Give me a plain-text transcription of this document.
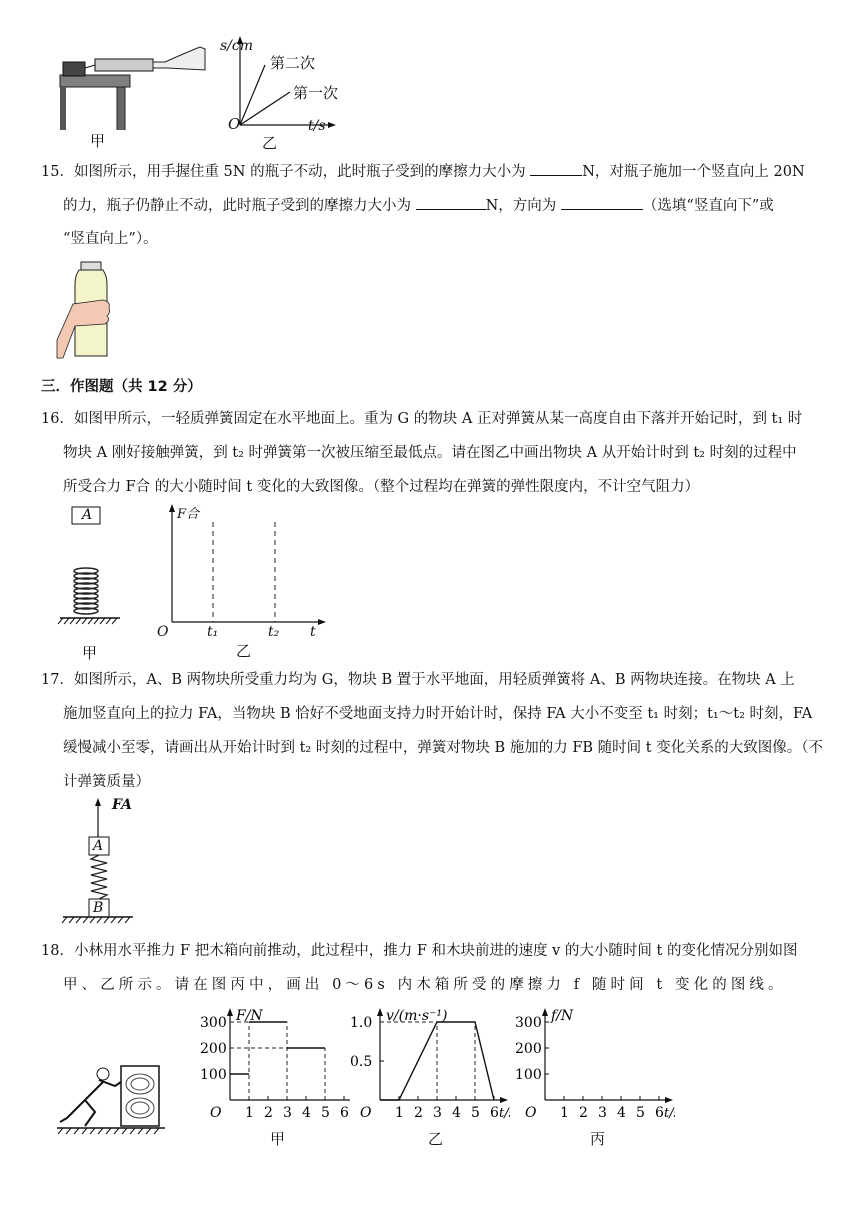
甲
s/cm
第二次
第一次
O	t/s
乙
15．如图所示，用手握住重 5N 的瓶子不动，此时瓶子受到的摩擦力大小为	N，对瓶子施加一个竖直向上 20N
的力，瓶子仍静止不动，此时瓶子受到的摩擦力大小为	N，方向为	（选填“竖直向下”或
“竖直向上”）。
三．作图题（共 12 分）
16．如图甲所示，一轻质弹簧固定在水平地面上。重为 G 的物块 A 正对弹簧从某一高度自由下落并开始记时，到 t₁ 时
物块 A 刚好接触弹簧，到 t₂ 时弹簧第一次被压缩至最低点。请在图乙中画出物块 A 从开始计时到 t₂ 时刻的过程中
所受合力 F合 的大小随时间 t 变化的大致图像。（整个过程均在弹簧的弹性限度内，不计空气阻力）
A
甲
F合
O	t₁	t₂ t
乙
17．如图所示，A、B 两物块所受重力均为 G，物块 B 置于水平地面，用轻质弹簧将 A、B 两物块连接。在物块 A 上
施加竖直向上的拉力 FA，当物块 B 恰好不受地面支持力时开始计时，保持 FA 大小不变至 t₁ 时刻；t₁～t₂ 时刻，FA
缓慢减小至零，请画出从开始计时到 t₂ 时刻的过程中，弹簧对物块 B 施加的力 FB 随时间 t 变化关系的大致图像。（不
计弹簧质量）
FA
A
B
18．小林用水平推力 F 把木箱向前推动，此过程中，推力 F 和木块前进的速度 v 的大小随时间 t 的变化情况分别如图
甲、乙所示。请在图丙中，画出 0～6s 内木箱所受的摩擦力 f 随时间 t 变化的图线。
O 1 2 3 4 5 6
F/N
300
200
100
甲
O 1 2 3 4 5 6 t/
v/(m·s⁻¹)
1.0
0.5
乙
O 1 2 3 4 5 6 t/
f/N
300
200
100
丙
